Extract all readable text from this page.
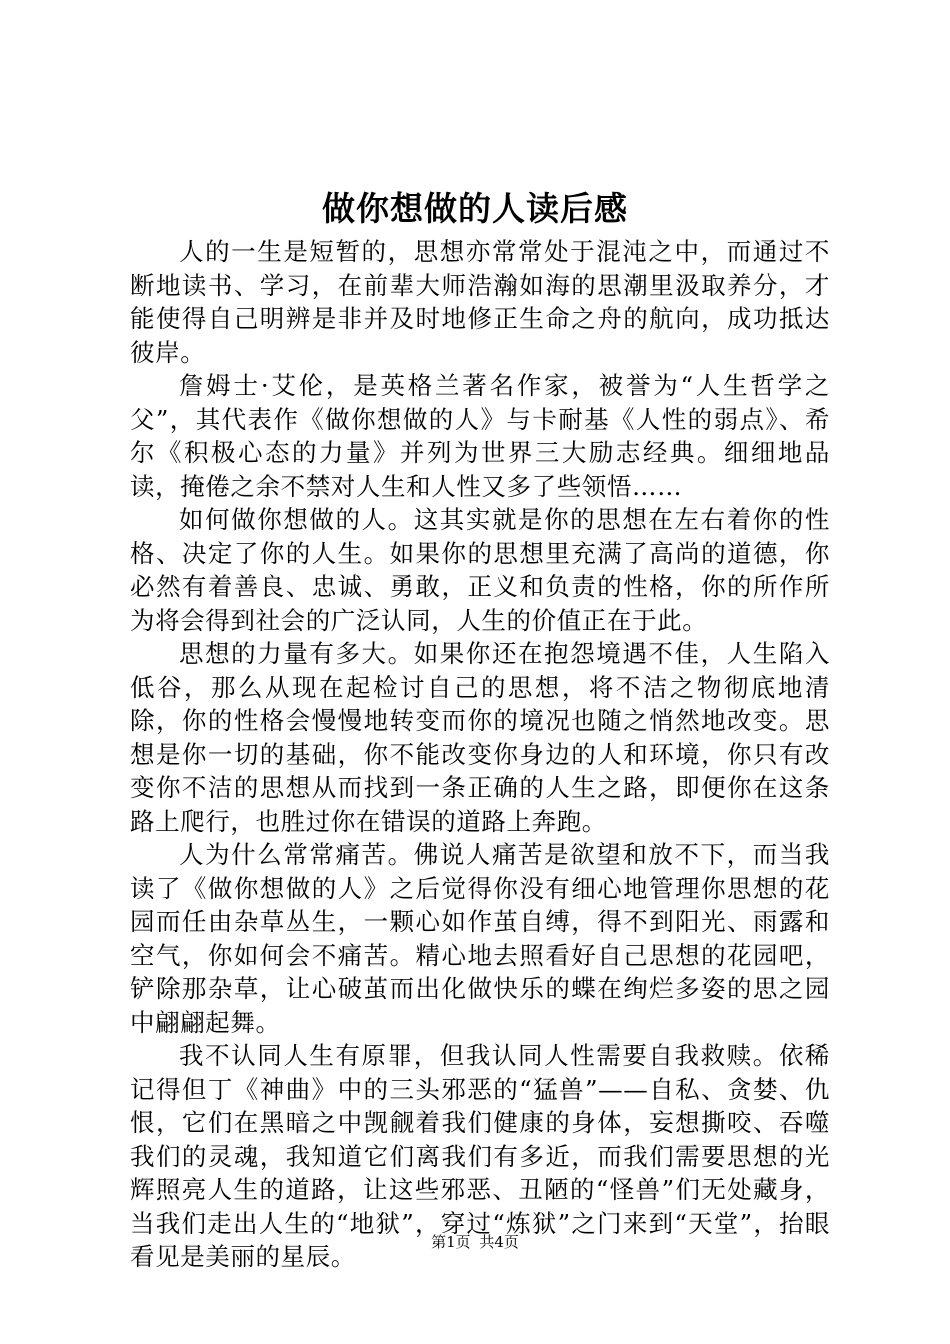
做你想做的人读后感

人的一生是短暂的，思想亦常常处于混沌之中，而通过不断地读书、学习，在前辈大师浩瀚如海的思潮里汲取养分，才能使得自己明辨是非并及时地修正生命之舟的航向，成功抵达彼岸。

詹姆士·艾伦，是英格兰著名作家，被誉为“人生哲学之父”，其代表作《做你想做的人》与卡耐基《人性的弱点》、希尔《积极心态的力量》并列为世界三大励志经典。细细地品读，掩倦之余不禁对人生和人性又多了些领悟……

如何做你想做的人。这其实就是你的思想在左右着你的性格、决定了你的人生。如果你的思想里充满了高尚的道德，你必然有着善良、忠诚、勇敢，正义和负责的性格，你的所作所为将会得到社会的广泛认同，人生的价值正在于此。

思想的力量有多大。如果你还在抱怨境遇不佳，人生陷入低谷，那么从现在起检讨自己的思想，将不洁之物彻底地清除，你的性格会慢慢地转变而你的境况也随之悄然地改变。思想是你一切的基础，你不能改变你身边的人和环境，你只有改变你不洁的思想从而找到一条正确的人生之路，即便你在这条路上爬行，也胜过你在错误的道路上奔跑。

人为什么常常痛苦。佛说人痛苦是欲望和放不下，而当我读了《做你想做的人》之后觉得你没有细心地管理你思想的花园而任由杂草丛生，一颗心如作茧自缚，得不到阳光、雨露和空气，你如何会不痛苦。精心地去照看好自己思想的花园吧，铲除那杂草，让心破茧而出化做快乐的蝶在绚烂多姿的思之园中翩翩起舞。

我不认同人生有原罪，但我认同人性需要自我救赎。依稀记得但丁《神曲》中的三头邪恶的“猛兽”——自私、贪婪、仇恨，它们在黑暗之中觊觎着我们健康的身体，妄想撕咬、吞噬我们的灵魂，我知道它们离我们有多近，而我们需要思想的光辉照亮人生的道路，让这些邪恶、丑陋的“怪兽”们无处藏身，当我们走出人生的“地狱”，穿过“炼狱”之门来到“天堂”，抬眼看见是美丽的星辰。	第1页 共4页
